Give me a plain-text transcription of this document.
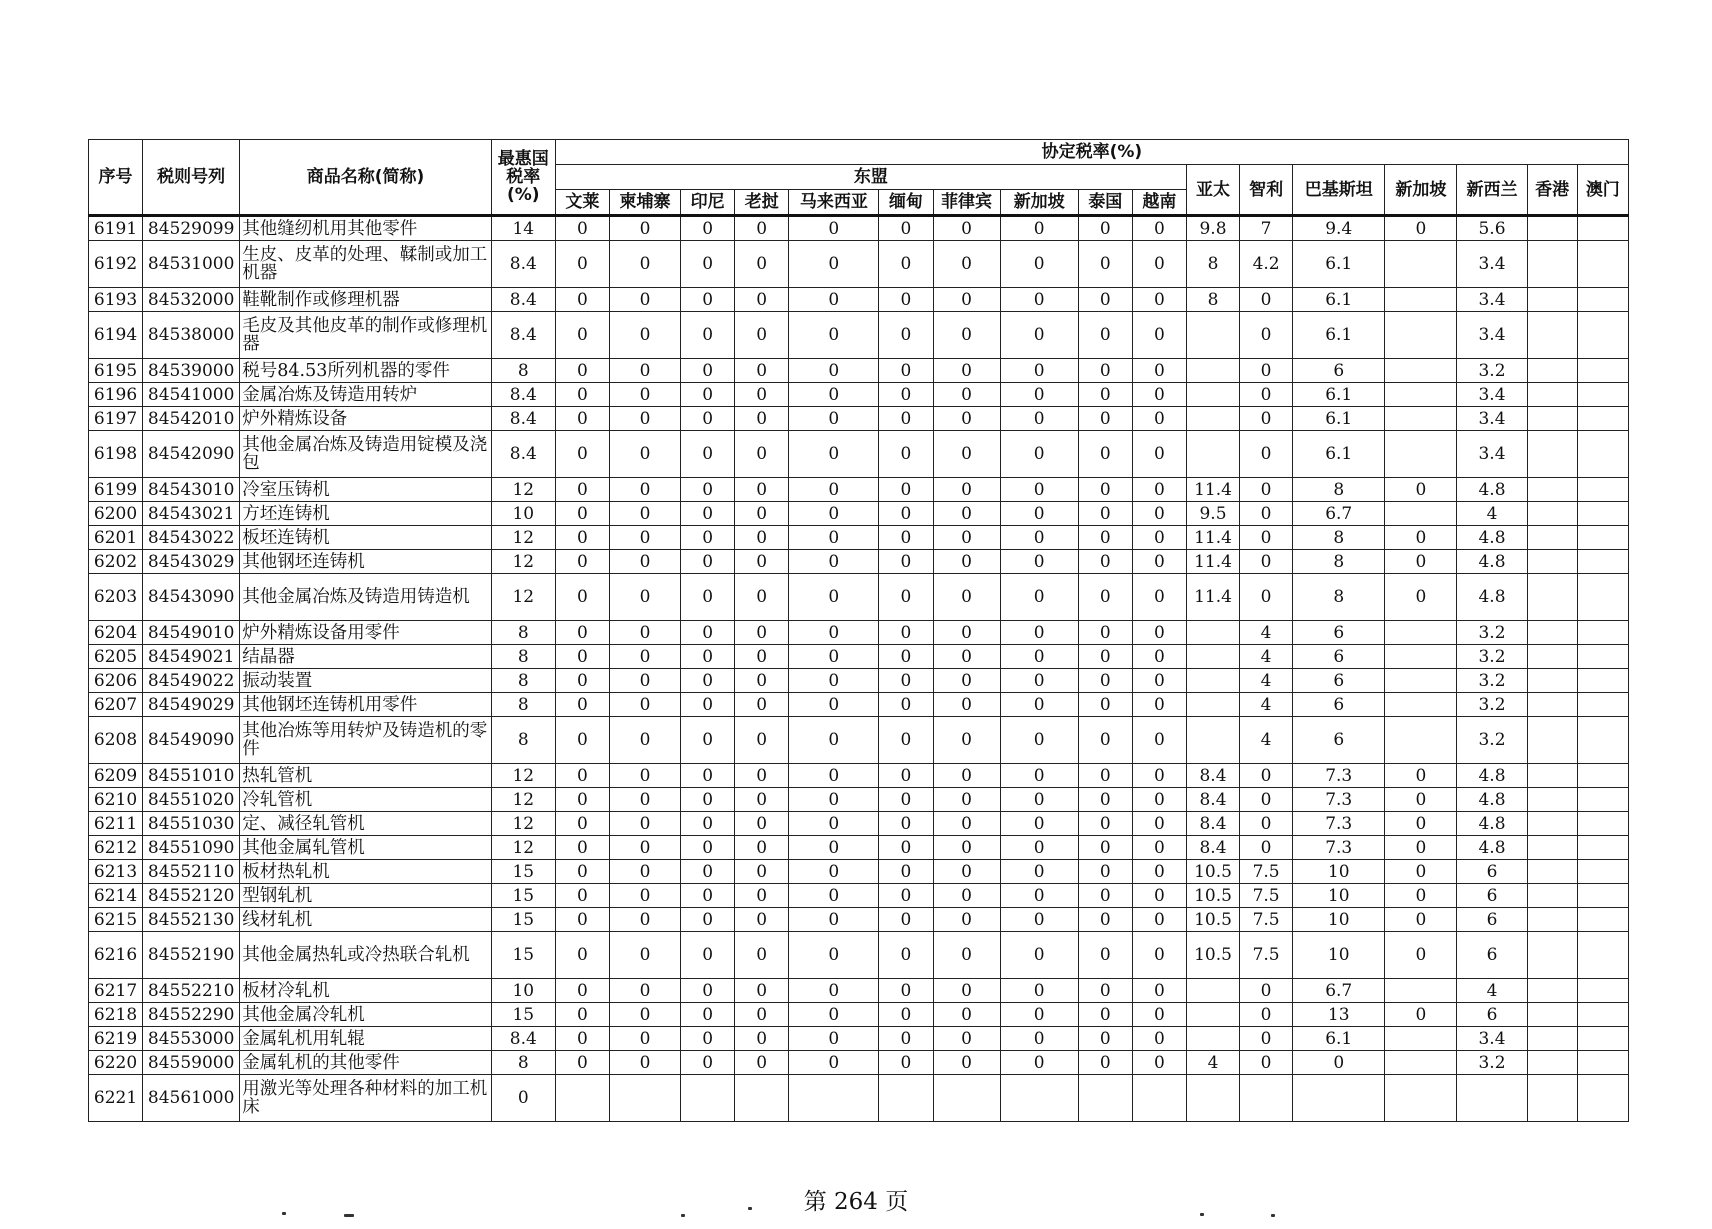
序号	税则号列	商品名称(简称)	最惠国
税率
(%)	协定税率(%)																
				东盟										亚太	智利	巴基斯坦	新加坡	新西兰	香港	澳门
				文莱	柬埔寨	印尼	老挝	马来西亚	缅甸	菲律宾	新加坡	泰国	越南							
6191	84529099	其他缝纫机用其他零件	14	0	0	0	0	0	0	0	0	0	0	9.8	7	9.4	0	5.6		
6192	84531000	生皮、皮革的处理、鞣制或加工机器	8.4	0	0	0	0	0	0	0	0	0	0	8	4.2	6.1		3.4		
6193	84532000	鞋靴制作或修理机器	8.4	0	0	0	0	0	0	0	0	0	0	8	0	6.1		3.4		
6194	84538000	毛皮及其他皮革的制作或修理机器	8.4	0	0	0	0	0	0	0	0	0	0		0	6.1		3.4		
6195	84539000	税号84.53所列机器的零件	8	0	0	0	0	0	0	0	0	0	0		0	6		3.2		
6196	84541000	金属冶炼及铸造用转炉	8.4	0	0	0	0	0	0	0	0	0	0		0	6.1		3.4		
6197	84542010	炉外精炼设备	8.4	0	0	0	0	0	0	0	0	0	0		0	6.1		3.4		
6198	84542090	其他金属冶炼及铸造用锭模及浇包	8.4	0	0	0	0	0	0	0	0	0	0		0	6.1		3.4		
6199	84543010	冷室压铸机	12	0	0	0	0	0	0	0	0	0	0	11.4	0	8	0	4.8		
6200	84543021	方坯连铸机	10	0	0	0	0	0	0	0	0	0	0	9.5	0	6.7		4		
6201	84543022	板坯连铸机	12	0	0	0	0	0	0	0	0	0	0	11.4	0	8	0	4.8		
6202	84543029	其他钢坯连铸机	12	0	0	0	0	0	0	0	0	0	0	11.4	0	8	0	4.8		
6203	84543090	其他金属冶炼及铸造用铸造机	12	0	0	0	0	0	0	0	0	0	0	11.4	0	8	0	4.8		
6204	84549010	炉外精炼设备用零件	8	0	0	0	0	0	0	0	0	0	0		4	6		3.2		
6205	84549021	结晶器	8	0	0	0	0	0	0	0	0	0	0		4	6		3.2		
6206	84549022	振动装置	8	0	0	0	0	0	0	0	0	0	0		4	6		3.2		
6207	84549029	其他钢坯连铸机用零件	8	0	0	0	0	0	0	0	0	0	0		4	6		3.2		
6208	84549090	其他冶炼等用转炉及铸造机的零件	8	0	0	0	0	0	0	0	0	0	0		4	6		3.2		
6209	84551010	热轧管机	12	0	0	0	0	0	0	0	0	0	0	8.4	0	7.3	0	4.8		
6210	84551020	冷轧管机	12	0	0	0	0	0	0	0	0	0	0	8.4	0	7.3	0	4.8		
6211	84551030	定、减径轧管机	12	0	0	0	0	0	0	0	0	0	0	8.4	0	7.3	0	4.8		
6212	84551090	其他金属轧管机	12	0	0	0	0	0	0	0	0	0	0	8.4	0	7.3	0	4.8		
6213	84552110	板材热轧机	15	0	0	0	0	0	0	0	0	0	0	10.5	7.5	10	0	6		
6214	84552120	型钢轧机	15	0	0	0	0	0	0	0	0	0	0	10.5	7.5	10	0	6		
6215	84552130	线材轧机	15	0	0	0	0	0	0	0	0	0	0	10.5	7.5	10	0	6		
6216	84552190	其他金属热轧或冷热联合轧机	15	0	0	0	0	0	0	0	0	0	0	10.5	7.5	10	0	6		
6217	84552210	板材冷轧机	10	0	0	0	0	0	0	0	0	0	0		0	6.7		4		
6218	84552290	其他金属冷轧机	15	0	0	0	0	0	0	0	0	0	0		0	13	0	6		
6219	84553000	金属轧机用轧辊	8.4	0	0	0	0	0	0	0	0	0	0		0	6.1		3.4		
6220	84559000	金属轧机的其他零件	8	0	0	0	0	0	0	0	0	0	0	4	0	0		3.2		
6221	84561000	用激光等处理各种材料的加工机床	0																	
第 264 页
